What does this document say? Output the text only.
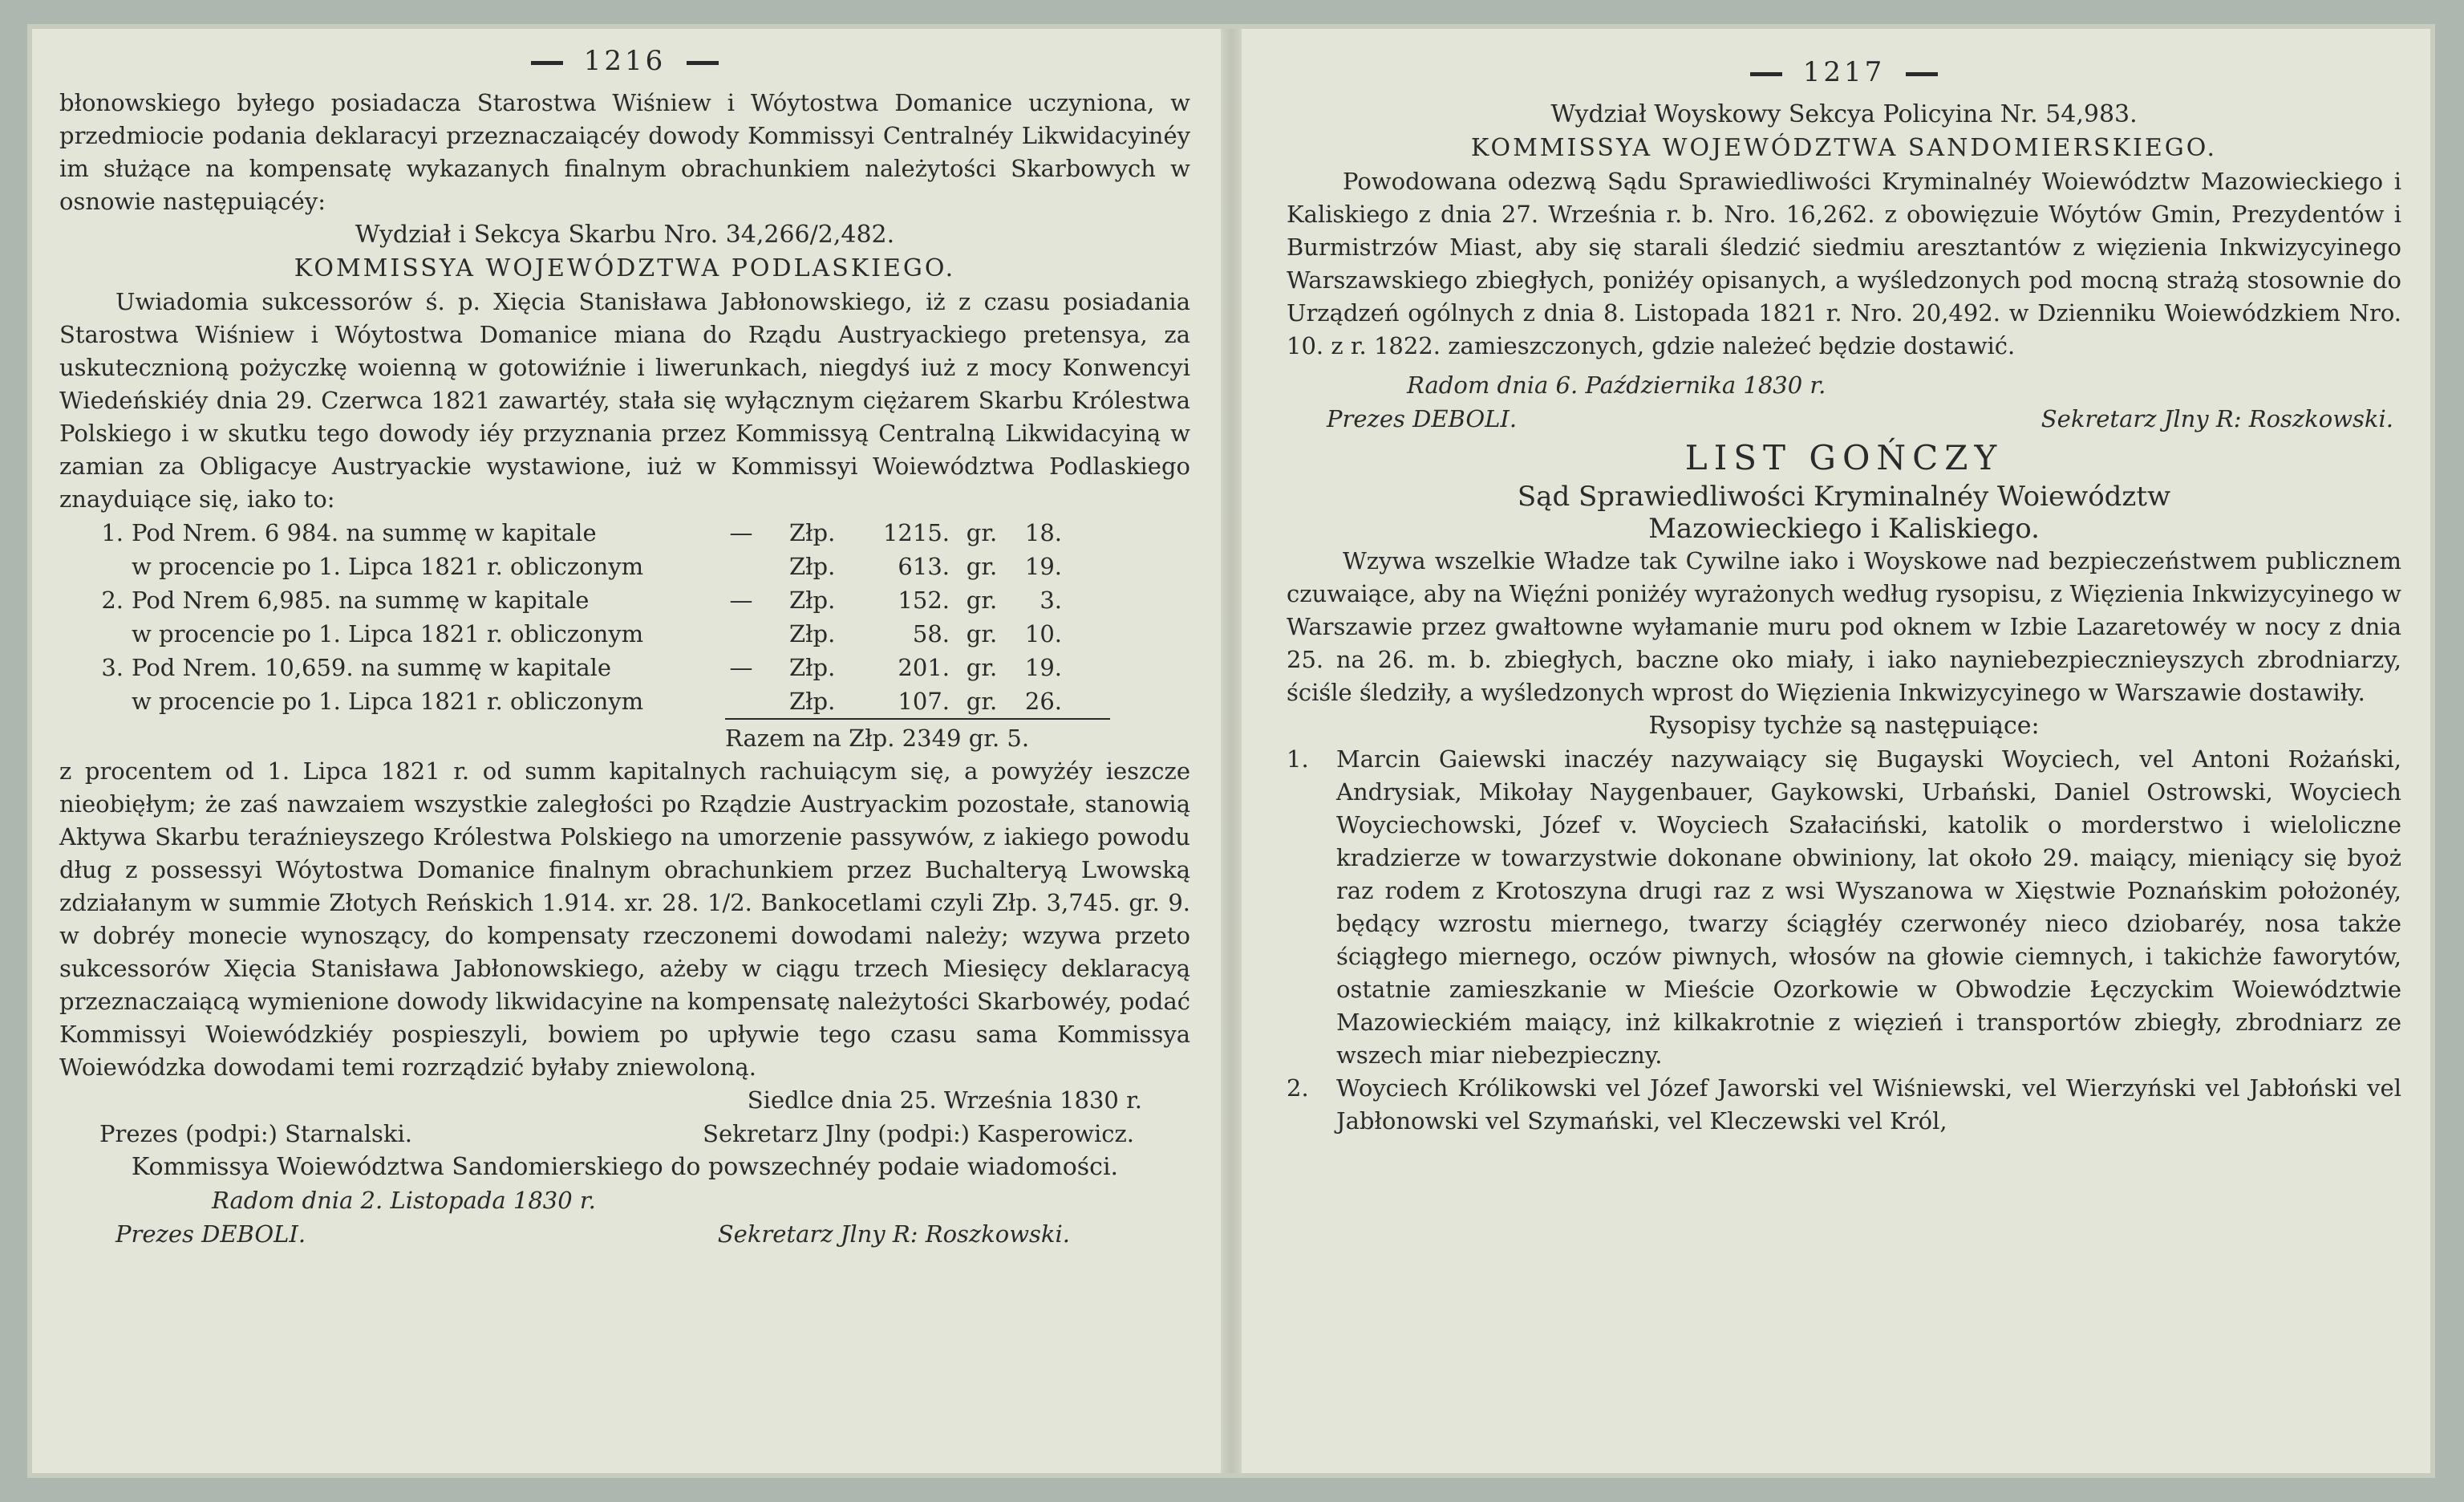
1216
błonowskiego byłego posiadacza Starostwa Wiśniew i Wóytostwa Domanice uczyniona, w przedmiocie podania deklaracyi przeznaczaiącéy dowody Kommissyi Centralnéy Likwidacyinéy im służące na kompensatę wykazanych finalnym obrachunkiem należytości Skarbowych w osnowie następuiącéy:
Wydział i Sekcya Skarbu Nro. 34,266/2,482.
KOMMISSYA WOJEWÓDZTWA PODLASKIEGO.
Uwiadomia sukcessorów ś. p. Xięcia Stanisława Jabłonowskiego, iż z czasu posiadania Starostwa Wiśniew i Wóytostwa Domanice miana do Rządu Austryackiego pretensya, za uskutecznioną pożyczkę woienną w gotowiźnie i liwerunkach, niegdyś iuż z mocy Konwencyi Wiedeńskiéy dnia 29. Czerwca 1821 zawartéy, stała się wyłącznym ciężarem Skarbu Królestwa Polskiego i w skutku tego dowody iéy przyznania przez Kommissyą Centralną Likwidacyiną w zamian za Obligacye Austryackie wystawione, iuż w Kommissyi Woiewództwa Podlaskiego znayduiące się, iako to:
1. Pod Nrem. 6 984. na summę w kapitale	—	Złp.	1215. gr.	18.
w procencie po 1. Lipca 1821 r. obliczonym	Złp.	613. gr.	19.
2. Pod Nrem 6,985. na summę w kapitale	—	Złp.	152. gr.	3.
w procencie po 1. Lipca 1821 r. obliczonym	Złp.	58. gr.	10.
3. Pod Nrem. 10,659. na summę w kapitale	—	Złp.	201. gr.	19.
w procencie po 1. Lipca 1821 r. obliczonym	Złp.	107. gr.	26.
Razem na Złp. 2349 gr. 5.
z procentem od 1. Lipca 1821 r. od summ kapitalnych rachuiącym się, a powyżéy ieszcze nieobięłym; że zaś nawzaiem wszystkie zaległości po Rządzie Austryackim pozostałe, stanowią Aktywa Skarbu teraźnieyszego Królestwa Polskiego na umorzenie passywów, z iakiego powodu dług z possessyi Wóytostwa Domanice finalnym obrachunkiem przez Buchalteryą Lwowską zdziałanym w summie Złotych Reńskich 1.914. xr. 28. 1/2. Bankocetlami czyli Złp. 3,745. gr. 9. w dobréy monecie wynoszący, do kompensaty rzeczonemi dowodami należy; wzywa przeto sukcessorów Xięcia Stanisława Jabłonowskiego, ażeby w ciągu trzech Miesięcy deklaracyą przeznaczaiącą wymienione dowody likwidacyine na kompensatę należytości Skarbowéy, podać Kommissyi Woiewódzkiéy pospieszyli, bowiem po upływie tego czasu sama Kommissya Woiewódzka dowodami temi rozrządzić byłaby zniewoloną.
Siedlce dnia 25. Września 1830 r.
Prezes (podpi:) Starnalski.	Sekretarz Jlny (podpi:) Kasperowicz.
Kommissya Woiewództwa Sandomierskiego do powszechnéy podaie wiadomości.
Radom dnia 2. Listopada 1830 r.
Prezes DEBOLI.	Sekretarz Jlny R: Roszkowski.
1217
Wydział Woyskowy Sekcya Policyina Nr. 54,983.
KOMMISSYA WOJEWÓDZTWA SANDOMIERSKIEGO.
Powodowana odezwą Sądu Sprawiedliwości Kryminalnéy Woiewództw Mazowieckiego i Kaliskiego z dnia 27. Września r. b. Nro. 16,262. z obowięzuie Wóytów Gmin, Prezydentów i Burmistrzów Miast, aby się starali śledzić siedmiu aresztantów z więzienia Inkwizycyinego Warszawskiego zbiegłych, poniżéy opisanych, a wyśledzonych pod mocną strażą stosownie do Urządzeń ogólnych z dnia 8. Listopada 1821 r. Nro. 20,492. w Dzienniku Woiewódzkiem Nro. 10. z r. 1822. zamieszczonych, gdzie należeć będzie dostawić.
Radom dnia 6. Października 1830 r.
Prezes DEBOLI.	Sekretarz Jlny R: Roszkowski.
LIST GOŃCZY
Sąd Sprawiedliwości Kryminalnéy Woiewództw
Mazowieckiego i Kaliskiego.
Wzywa wszelkie Władze tak Cywilne iako i Woyskowe nad bezpieczeństwem publicznem czuwaiące, aby na Więźni poniżéy wyrażonych według rysopisu, z Więzienia Inkwizycyinego w Warszawie przez gwałtowne wyłamanie muru pod oknem w Izbie Lazaretowéy w nocy z dnia 25. na 26. m. b. zbiegłych, baczne oko miały, i iako nayniebezpiecznieyszych zbrodniarzy, ściśle śledziły, a wyśledzonych wprost do Więzienia Inkwizycyinego w Warszawie dostawiły.
Rysopisy tychże są następuiące:
1.	Marcin Gaiewski inaczéy nazywaiący się Bugayski Woyciech, vel Antoni Rożański, Andrysiak, Mikołay Naygenbauer, Gaykowski, Urbański, Daniel Ostrowski, Woyciech Woyciechowski, Józef v. Woyciech Szałaciński, katolik o morderstwo i wieloliczne kradzierze w towarzystwie dokonane obwiniony, lat około 29. maiący, mieniący się byoż raz rodem z Krotoszyna drugi raz z wsi Wyszanowa w Xięstwie Poznańskim położonéy, będący wzrostu miernego, twarzy ściągłéy czerwonéy nieco dziobaréy, nosa także ściągłego miernego, oczów piwnych, włosów na głowie ciemnych, i takichże faworytów, ostatnie zamieszkanie w Mieście Ozorkowie w Obwodzie Łęczyckim Woiewództwie Mazowieckiém maiący, inż kilkakrotnie z więzień i transportów zbiegły, zbrodniarz ze wszech miar niebezpieczny.
2.	Woyciech Królikowski vel Józef Jaworski vel Wiśniewski, vel Wierzyński vel Jabłoński vel Jabłonowski vel Szymański, vel Kleczewski vel Król,
